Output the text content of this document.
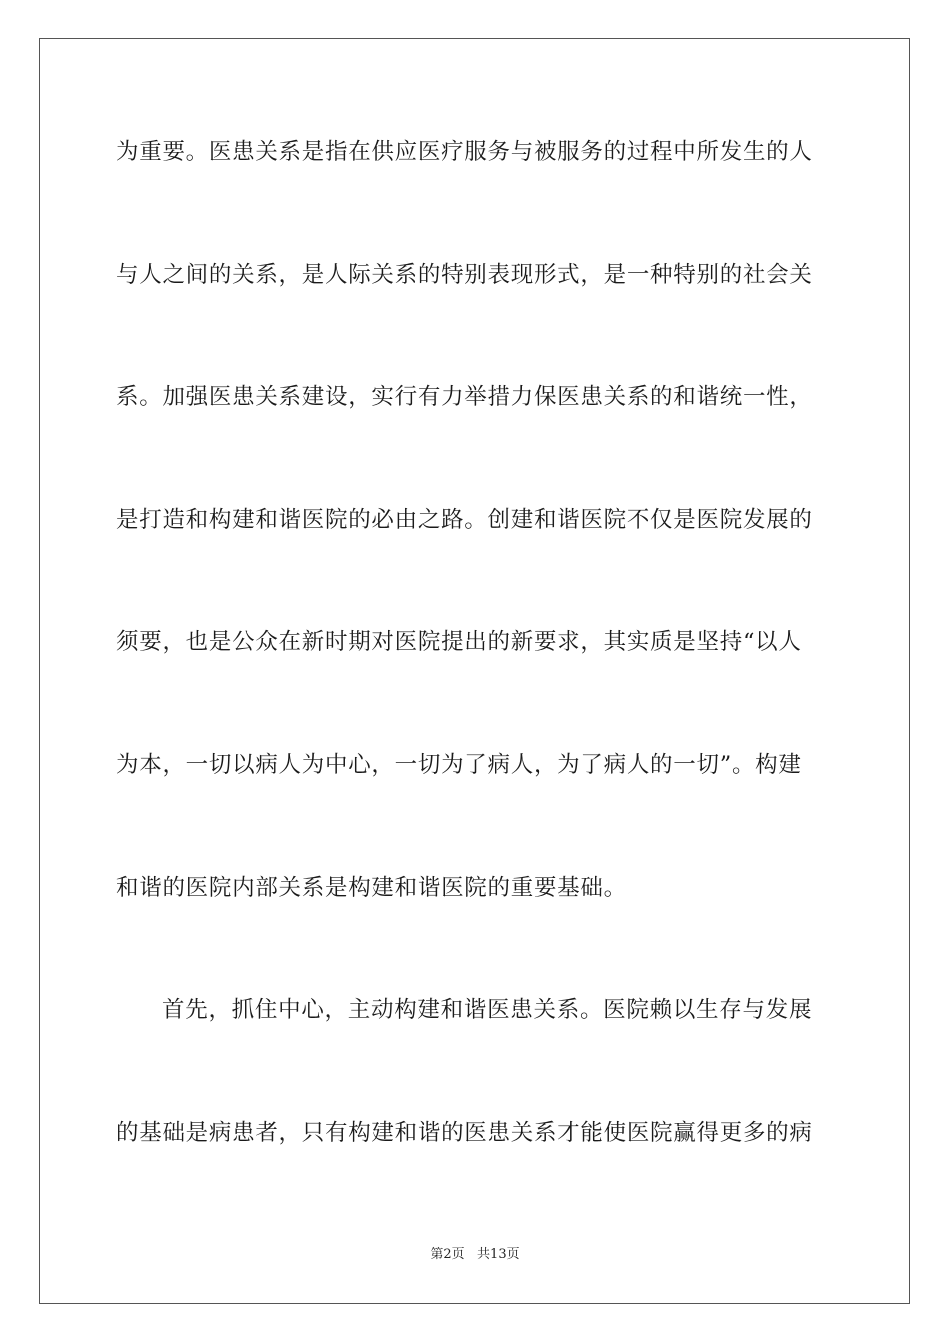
为重要。医患关系是指在供应医疗服务与被服务的过程中所发生的人
与人之间的关系，是人际关系的特别表现形式，是一种特别的社会关
系。加强医患关系建设，实行有力举措力保医患关系的和谐统一性，
是打造和构建和谐医院的必由之路。创建和谐医院不仅是医院发展的
须要，也是公众在新时期对医院提出的新要求，其实质是坚持“以人
为本，一切以病人为中心，一切为了病人，为了病人的一切”。构建
和谐的医院内部关系是构建和谐医院的重要基础。
首先，抓住中心，主动构建和谐医患关系。医院赖以生存与发展
的基础是病患者，只有构建和谐的医患关系才能使医院赢得更多的病
第2页   共13页
